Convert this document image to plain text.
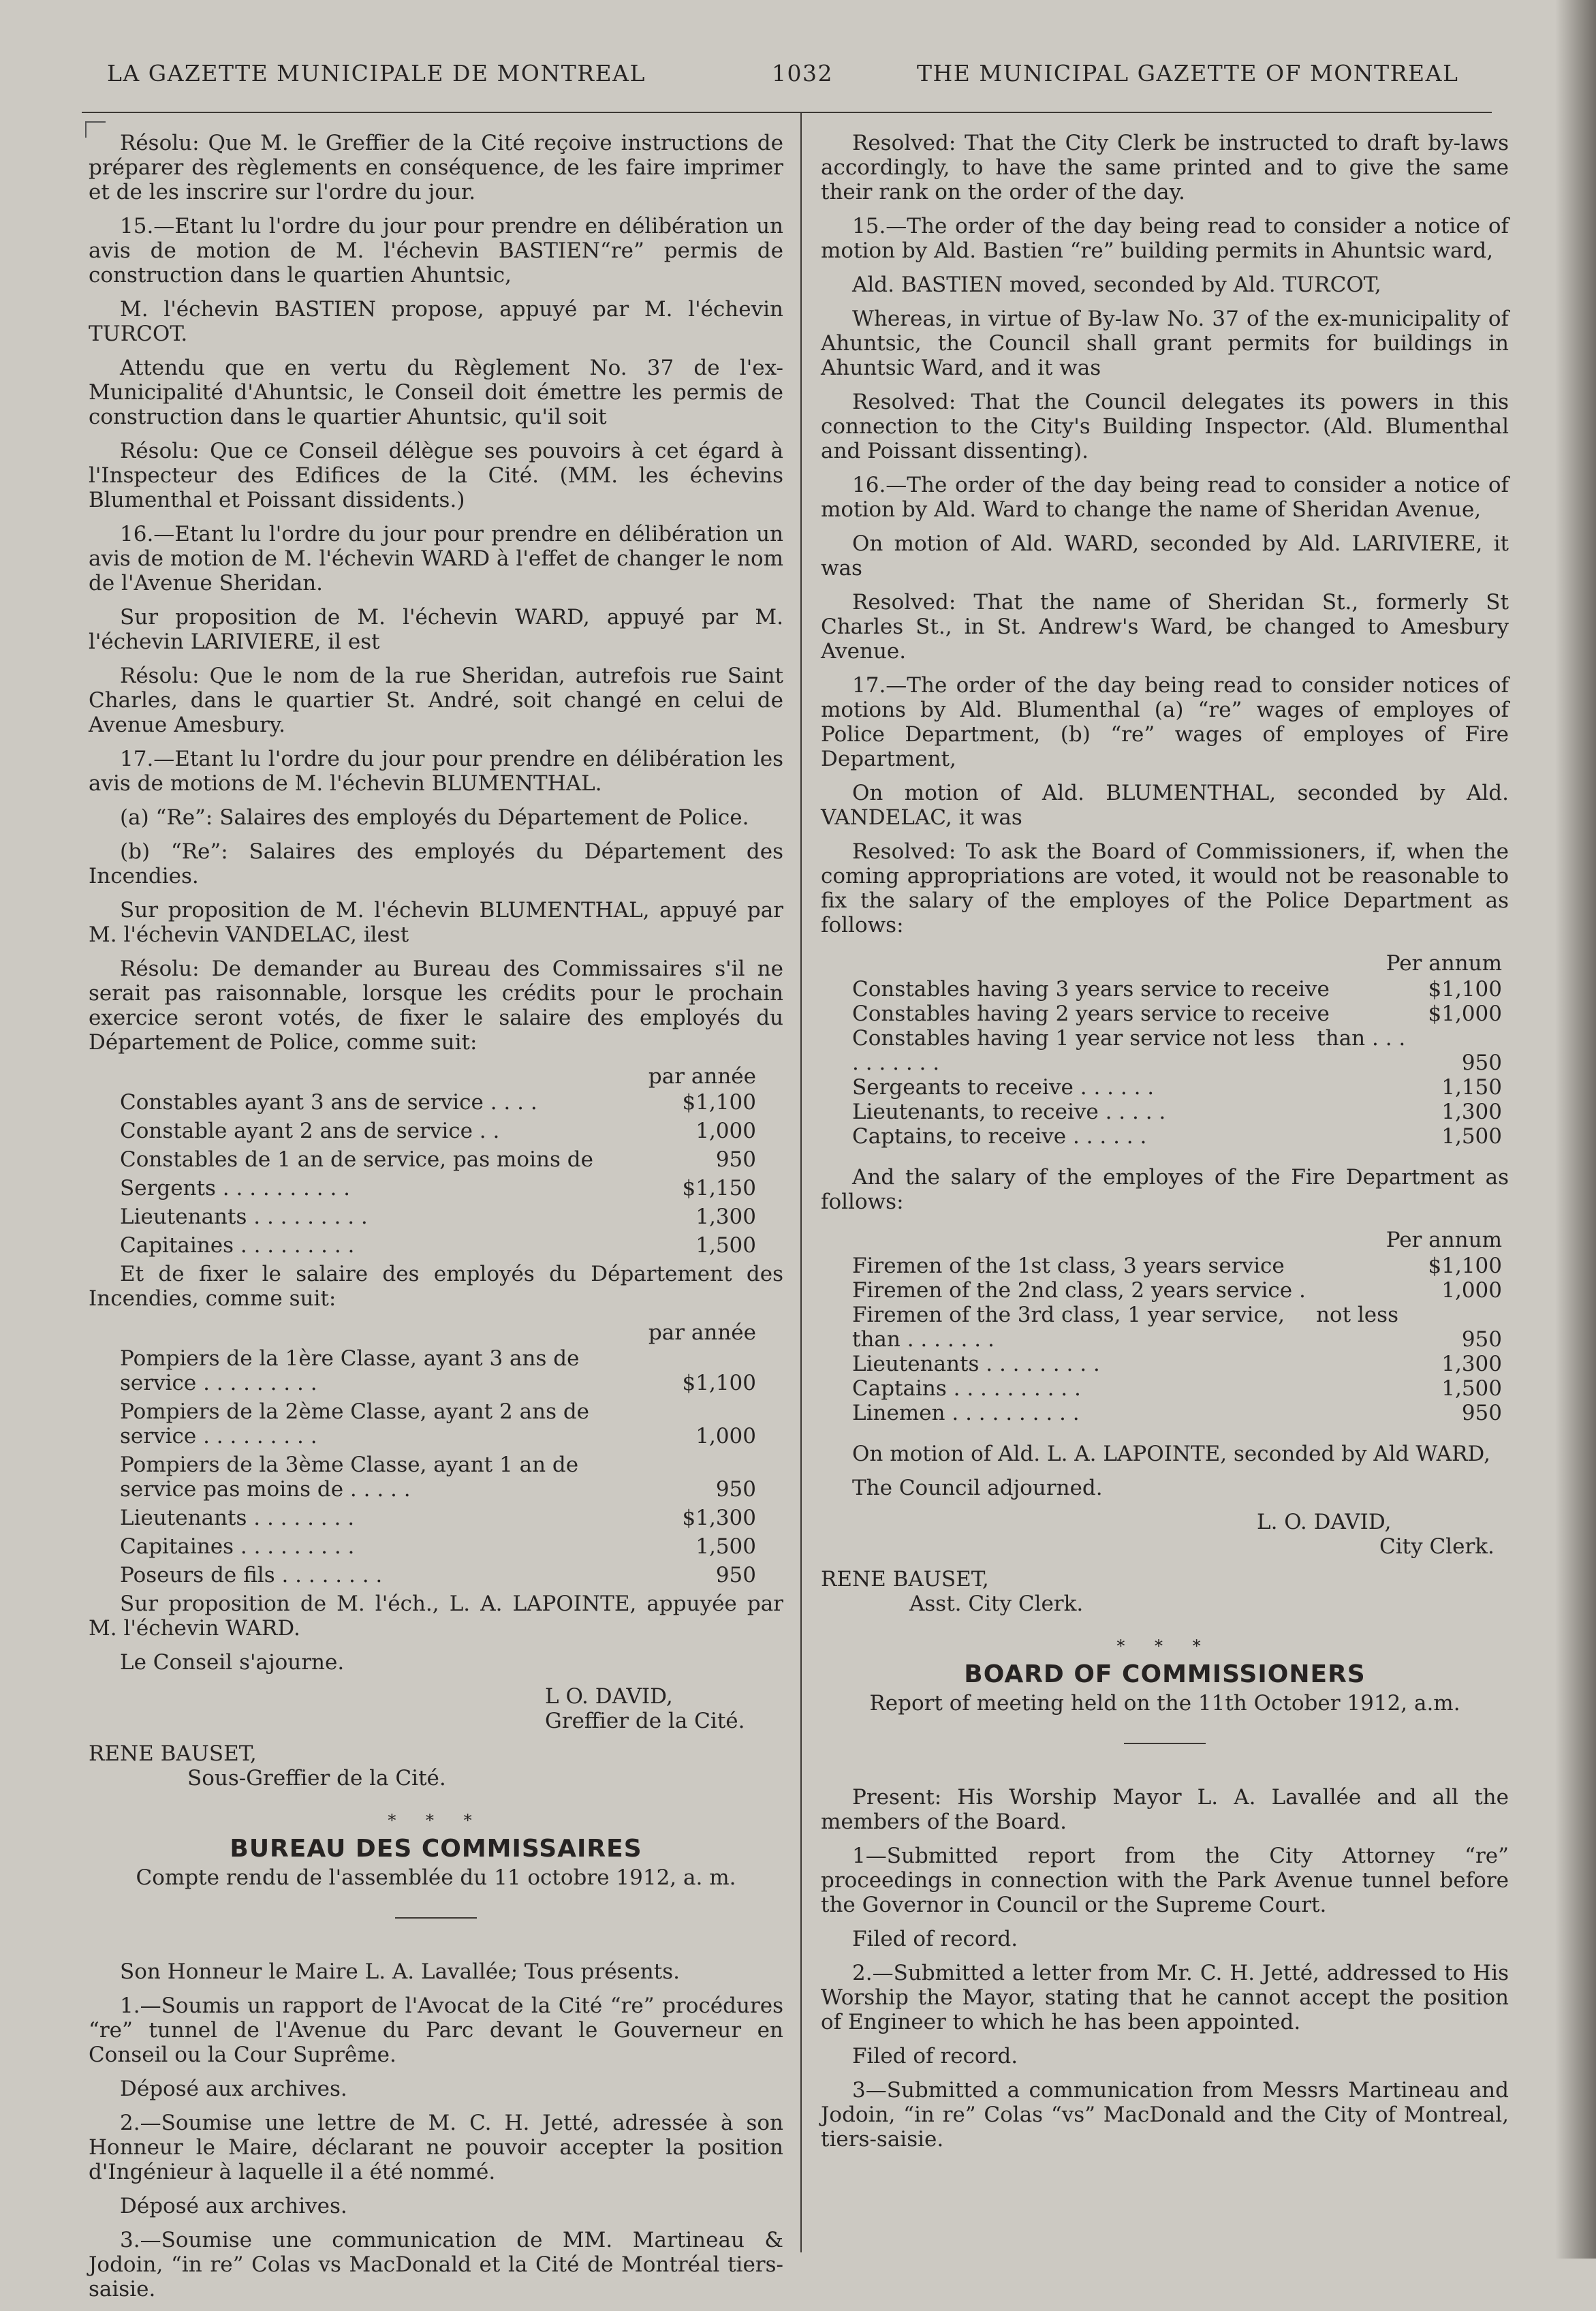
LA GAZETTE MUNICIPALE DE MONTREAL	1032	THE MUNICIPAL GAZETTE OF MONTREAL

Résolu: Que M. le Greffier de la Cité reçoive instructions de préparer des règlements en conséquence, de les faire imprimer et de les inscrire sur l'ordre du jour.

15.—Etant lu l'ordre du jour pour prendre en délibération un avis de motion de M. l'échevin BASTIEN“re” permis de construction dans le quartien Ahuntsic,

M. l'échevin BASTIEN propose, appuyé par M. l'échevin TURCOT.

Attendu que en vertu du Règlement No. 37 de l'ex-Municipalité d'Ahuntsic, le Conseil doit émettre les permis de construction dans le quartier Ahuntsic, qu'il soit

Résolu: Que ce Conseil délègue ses pouvoirs à cet égard à l'Inspecteur des Edifices de la Cité. (MM. les échevins Blumenthal et Poissant dissidents.)

16.—Etant lu l'ordre du jour pour prendre en délibération un avis de motion de M. l'échevin WARD à l'effet de changer le nom de l'Avenue Sheridan.

Sur proposition de M. l'échevin WARD, appuyé par M. l'échevin LARIVIERE, il est

Résolu: Que le nom de la rue Sheridan, autrefois rue Saint Charles, dans le quartier St. André, soit changé en celui de Avenue Amesbury.

17.—Etant lu l'ordre du jour pour prendre en délibération les avis de motions de M. l'échevin BLUMENTHAL.

(a) “Re”: Salaires des employés du Département de Police.

(b) “Re”: Salaires des employés du Département des Incendies.

Sur proposition de M. l'échevin BLUMENTHAL, appuyé par M. l'échevin VANDELAC, ilest

Résolu: De demander au Bureau des Commissaires s'il ne serait pas raisonnable, lorsque les crédits pour le prochain exercice seront votés, de fixer le salaire des employés du Département de Police, comme suit:

par année
Constables ayant 3 ans de service . . . .	$1,100
Constable ayant 2 ans de service . .	1,000
Constables de 1 an de service, pas moins de	950
Sergents . . . . . . . . . .	$1,150
Lieutenants . . . . . . . . .	1,300
Capitaines . . . . . . . . .	1,500

Et de fixer le salaire des employés du Département des Incendies, comme suit:

par année
Pompiers de la 1ère Classe, ayant 3 ans de
service . . . . . . . . .	$1,100
Pompiers de la 2ème Classe, ayant 2 ans de
service . . . . . . . . .	1,000
Pompiers de la 3ème Classe, ayant 1 an de
service pas moins de . . . . .	950
Lieutenants . . . . . . . .	$1,300
Capitaines . . . . . . . . .	1,500
Poseurs de fils . . . . . . . .	950

Sur proposition de M. l'éch., L. A. LAPOINTE, appuyée par M. l'échevin WARD.

Le Conseil s'ajourne.

L O. DAVID,
Greffier de la Cité.
RENE BAUSET,
Sous-Greffier de la Cité.
* * *
BUREAU DES COMMISSAIRES
Compte rendu de l'assemblée du 11 octobre 1912, a. m.

Son Honneur le Maire L. A. Lavallée; Tous présents.

1.—Soumis un rapport de l'Avocat de la Cité “re” procédures “re” tunnel de l'Avenue du Parc devant le Gouverneur en Conseil ou la Cour Suprême.

Déposé aux archives.

2.—Soumise une lettre de M. C. H. Jetté, adressée à son Honneur le Maire, déclarant ne pouvoir accepter la position d'Ingénieur à laquelle il a été nommé.

Déposé aux archives.

3.—Soumise une communication de MM. Martineau & Jodoin, “in re” Colas vs MacDonald et la Cité de Montréal tiers-saisie.

Resolved: That the City Clerk be instructed to draft by-laws accordingly, to have the same printed and to give the same their rank on the order of the day.

15.—The order of the day being read to consider a notice of motion by Ald. Bastien “re” building permits in Ahuntsic ward,

Ald. BASTIEN moved, seconded by Ald. TURCOT,

Whereas, in virtue of By-law No. 37 of the ex-municipality of Ahuntsic, the Council shall grant permits for buildings in Ahuntsic Ward, and it was

Resolved: That the Council delegates its powers in this connection to the City's Building Inspector. (Ald. Blumenthal and Poissant dissenting).

16.—The order of the day being read to consider a notice of motion by Ald. Ward to change the name of Sheridan Avenue,

On motion of Ald. WARD, seconded by Ald. LARIVIERE, it was

Resolved: That the name of Sheridan St., formerly St Charles St., in St. Andrew's Ward, be changed to Amesbury Avenue.

17.—The order of the day being read to consider notices of motions by Ald. Blumenthal (a) “re” wages of employes of Police Department, (b) “re” wages of employes of Fire Department,

On motion of Ald. BLUMENTHAL, seconded by Ald. VANDELAC, it was

Resolved: To ask the Board of Commissioners, if, when the coming appropriations are voted, it would not be reasonable to fix the salary of the employes of the Police Department as follows:

Per annum
Constables having 3 years service to receive	$1,100
Constables having 2 years service to receive	$1,000
Constables having 1 year service not less than . . . . . . . . . .	950
Sergeants to receive . . . . . .	1,150
Lieutenants, to receive . . . . .	1,300
Captains, to receive . . . . . .	1,500

And the salary of the employes of the Fire Department as follows:

Per annum
Firemen of the 1st class, 3 years service	$1,100
Firemen of the 2nd class, 2 years service .	1,000
Firemen of the 3rd class, 1 year service, not less than . . . . . . .	950
Lieutenants . . . . . . . . .	1,300
Captains . . . . . . . . . .	1,500
Linemen . . . . . . . . . .	950

On motion of Ald. L. A. LAPOINTE, seconded by Ald WARD,

The Council adjourned.

L. O. DAVID,
City Clerk.
RENE BAUSET,
Asst. City Clerk.
* * *
BOARD OF COMMISSIONERS
Report of meeting held on the 11th October 1912, a.m.

Present: His Worship Mayor L. A. Lavallée and all the members of the Board.

1—Submitted report from the City Attorney “re” proceedings in connection with the Park Avenue tunnel before the Governor in Council or the Supreme Court.

Filed of record.

2.—Submitted a letter from Mr. C. H. Jetté, addressed to His Worship the Mayor, stating that he cannot accept the position of Engineer to which he has been appointed.

Filed of record.

3—Submitted a communication from Messrs Martineau and Jodoin, “in re” Colas “vs” MacDonald and the City of Montreal, tiers-saisie.
